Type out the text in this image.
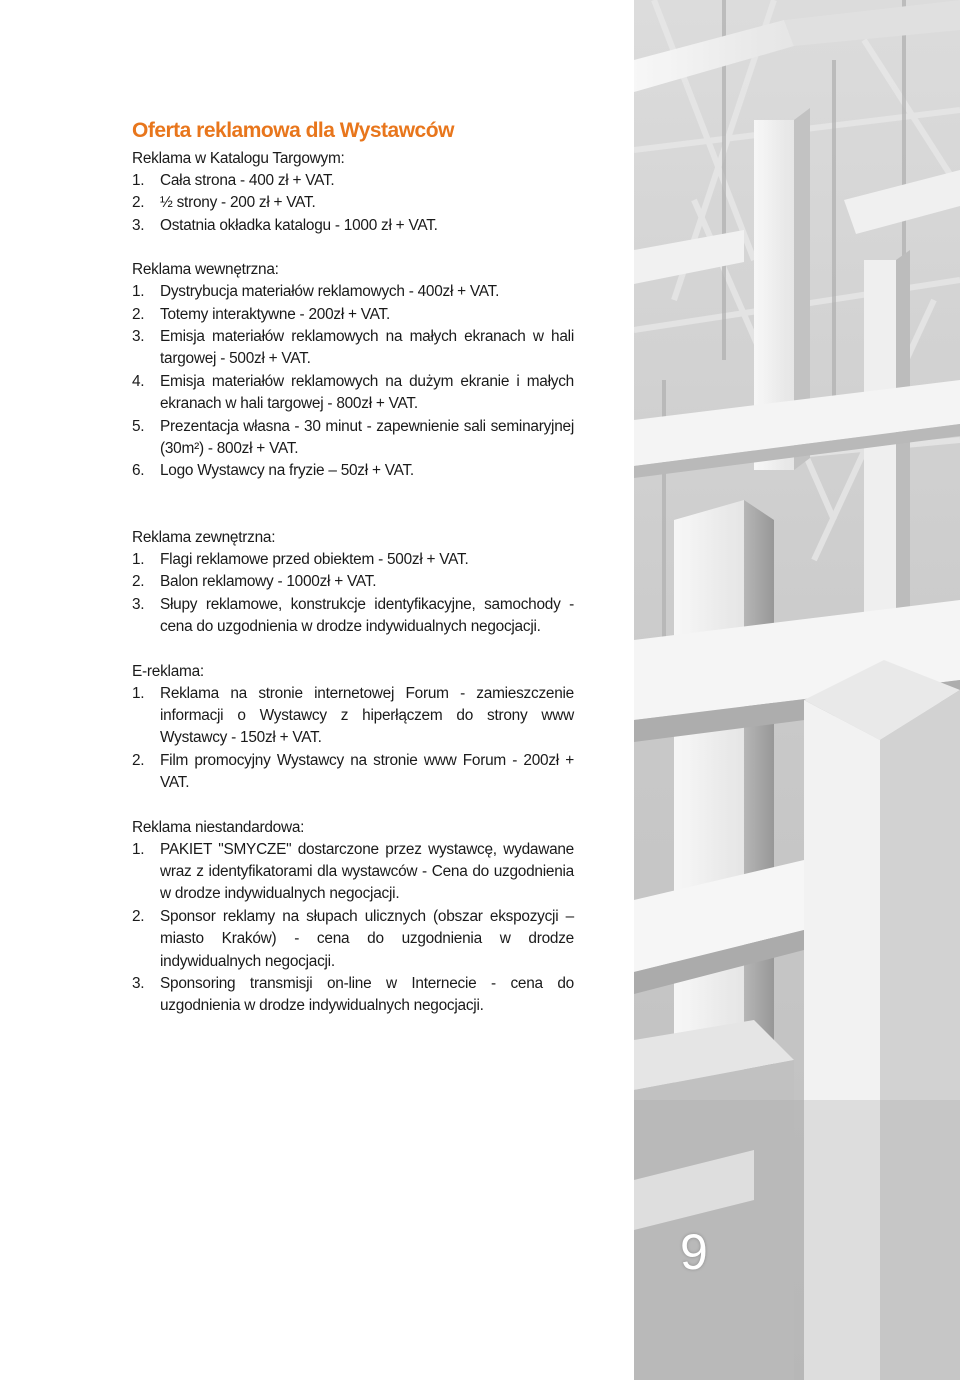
Oferta reklamowa dla Wystawców
Reklama w Katalogu Targowym:
1.	Cała strona - 400 zł + VAT.
2.	½ strony - 200 zł + VAT.
3.	Ostatnia okładka katalogu - 1000 zł + VAT.
Reklama wewnętrzna:
1.	Dystrybucja materiałów reklamowych - 400zł + VAT.
2.	Totemy interaktywne - 200zł + VAT.
3.	Emisja materiałów reklamowych na małych ekranach w hali targowej - 500zł + VAT.
4.	Emisja materiałów reklamowych na dużym ekranie i małych ekranach w hali targowej - 800zł + VAT.
5.	Prezentacja własna - 30 minut - zapewnienie sali seminaryjnej (30m²) - 800zł + VAT.
6.	Logo Wystawcy na fryzie – 50zł + VAT.
Reklama zewnętrzna:
1.	Flagi reklamowe przed obiektem - 500zł + VAT.
2.	Balon reklamowy - 1000zł + VAT.
3.	Słupy reklamowe, konstrukcje identyfikacyjne, samochody - cena do uzgodnienia w drodze indywidualnych negocjacji.
E-reklama:
1.	Reklama na stronie internetowej Forum - zamieszczenie informacji o Wystawcy z hiperłączem do strony www Wystawcy - 150zł + VAT.
2.	Film promocyjny Wystawcy na stronie www Forum - 200zł + VAT.
Reklama niestandardowa:
1.	PAKIET "SMYCZE" dostarczone przez wystawcę, wydawane wraz z identyfikatorami dla wystawców - Cena do uzgodnienia w drodze indywidualnych negocjacji.
2.	Sponsor reklamy na słupach ulicznych (obszar ekspozycji – miasto Kraków) - cena do uzgodnienia w drodze indywidualnych negocjacji.
3.	Sponsoring transmisji on-line w Internecie - cena do uzgodnienia w drodze indywidualnych negocjacji.
9
